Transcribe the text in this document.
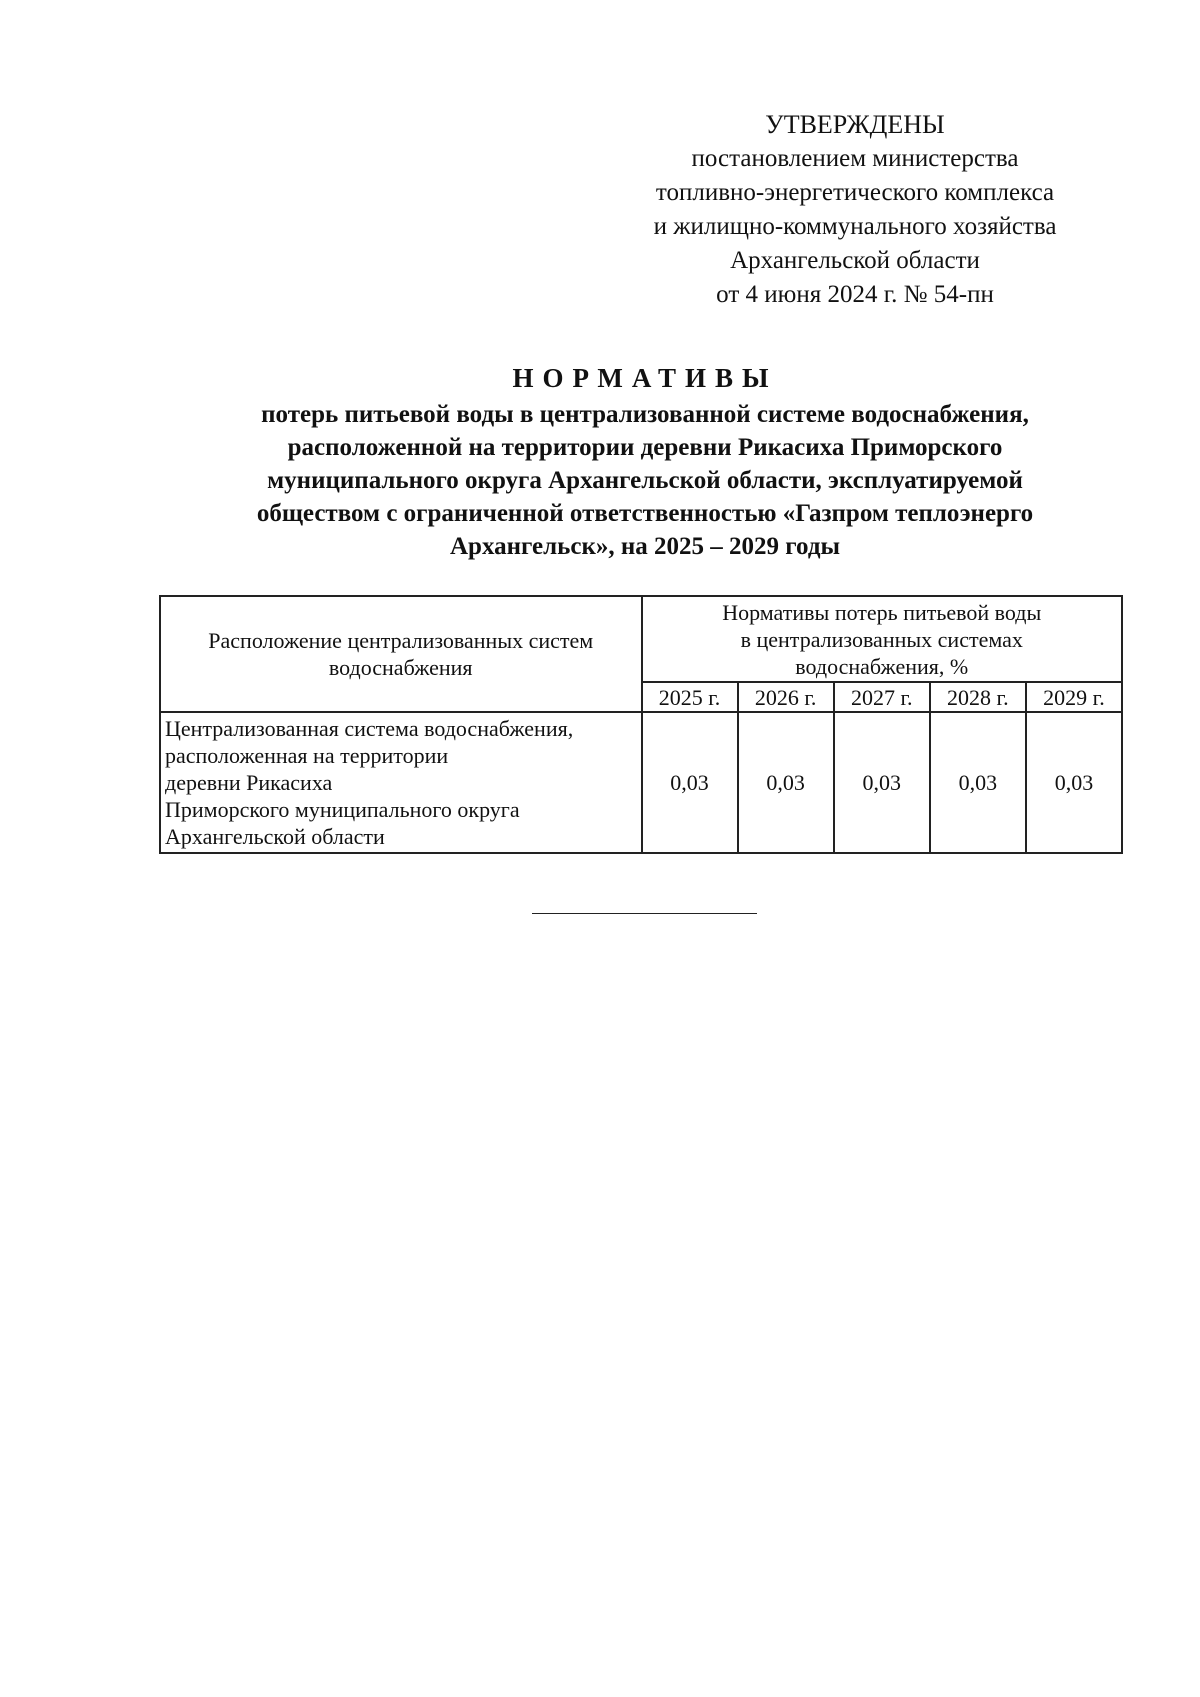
УТВЕРЖДЕНЫ
постановлением министерства
топливно-энергетического комплекса
и жилищно-коммунального хозяйства
Архангельской области
от 4 июня 2024 г. № 54-пн
НОРМАТИВЫ
потерь питьевой воды в централизованной системе водоснабжения,
расположенной на территории деревни Рикасиха Приморского
муниципального округа Архангельской области, эксплуатируемой
обществом с ограниченной ответственностью «Газпром теплоэнерго
Архангельск», на 2025 – 2029 годы
Расположение централизованных систем
водоснабжения	Нормативы потерь питьевой воды
в централизованных системах
водоснабжения, %				

	2025 г.	2026 г.	2027 г.	2028 г.	2029 г.

Централизованная система водоснабжения,
расположенная на территории
деревни Рикасиха
Приморского муниципального округа
Архангельской области	0,03	0,03	0,03	0,03	0,03
